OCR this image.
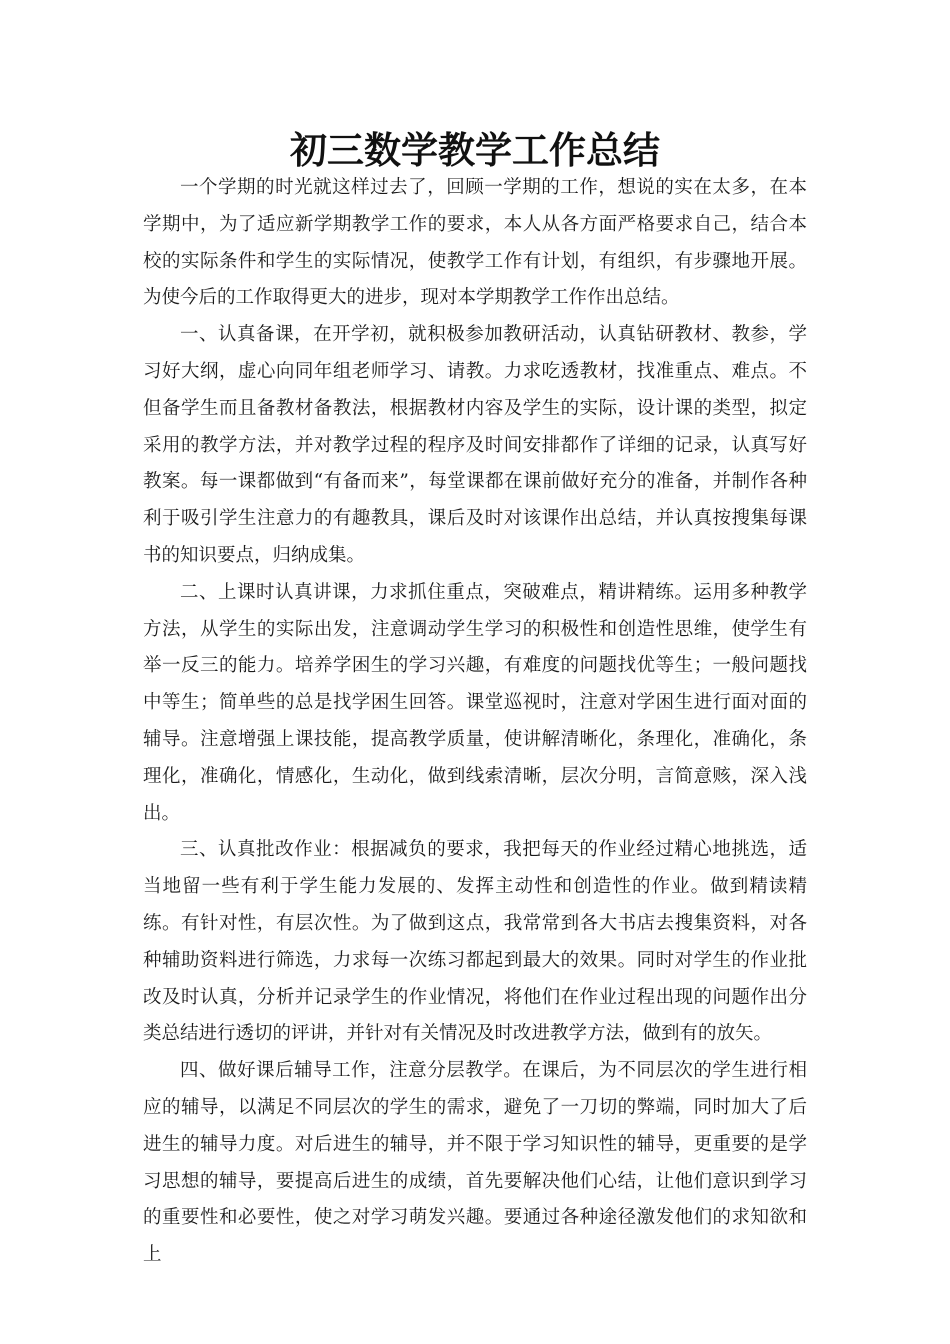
初三数学教学工作总结

一个学期的时光就这样过去了，回顾一学期的工作，想说的实在太多，在本学期中，为了适应新学期教学工作的要求，本人从各方面严格要求自己，结合本校的实际条件和学生的实际情况，使教学工作有计划，有组织，有步骤地开展。为使今后的工作取得更大的进步，现对本学期教学工作作出总结。

一、认真备课，在开学初，就积极参加教研活动，认真钻研教材、教参，学习好大纲，虚心向同年组老师学习、请教。力求吃透教材，找准重点、难点。不但备学生而且备教材备教法，根据教材内容及学生的实际，设计课的类型，拟定采用的教学方法，并对教学过程的程序及时间安排都作了详细的记录，认真写好教案。每一课都做到“有备而来”，每堂课都在课前做好充分的准备，并制作各种利于吸引学生注意力的有趣教具，课后及时对该课作出总结，并认真按搜集每课书的知识要点，归纳成集。

二、上课时认真讲课，力求抓住重点，突破难点，精讲精练。运用多种教学方法，从学生的实际出发，注意调动学生学习的积极性和创造性思维，使学生有举一反三的能力。培养学困生的学习兴趣，有难度的问题找优等生；一般问题找中等生；简单些的总是找学困生回答。课堂巡视时，注意对学困生进行面对面的辅导。注意增强上课技能，提高教学质量，使讲解清晰化，条理化，准确化，条理化，准确化，情感化，生动化，做到线索清晰，层次分明，言简意赅，深入浅出。

三、认真批改作业：根据减负的要求，我把每天的作业经过精心地挑选，适当地留一些有利于学生能力发展的、发挥主动性和创造性的作业。做到精读精练。有针对性，有层次性。为了做到这点，我常常到各大书店去搜集资料，对各种辅助资料进行筛选，力求每一次练习都起到最大的效果。同时对学生的作业批改及时认真，分析并记录学生的作业情况，将他们在作业过程出现的问题作出分类总结进行透切的评讲，并针对有关情况及时改进教学方法，做到有的放矢。

四、做好课后辅导工作，注意分层教学。在课后，为不同层次的学生进行相应的辅导，以满足不同层次的学生的需求，避免了一刀切的弊端，同时加大了后进生的辅导力度。对后进生的辅导，并不限于学习知识性的辅导，更重要的是学习思想的辅导，要提高后进生的成绩，首先要解决他们心结，让他们意识到学习的重要性和必要性，使之对学习萌发兴趣。要通过各种途径激发他们的求知欲和上
